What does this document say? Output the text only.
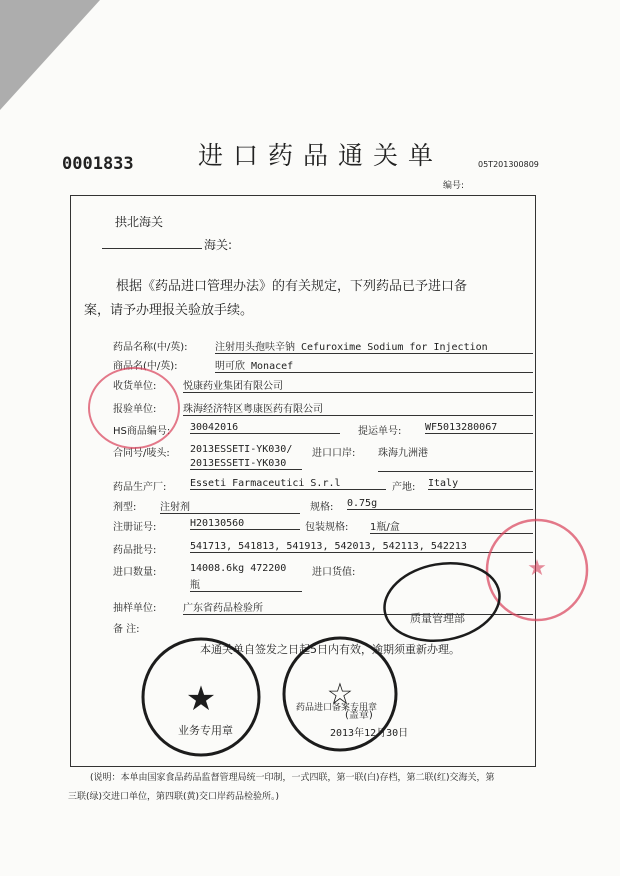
0001833	进口药品通关单	05T201300809
编号:
拱北海关
海关:
根据《药品进口管理办法》的有关规定，下列药品已予进口备
案，请予办理报关验放手续。
药品名称(中/英):	注射用头孢呋辛钠 Cefuroxime Sodium for Injection
商品名(中/英):	明可欣 Monacef
收货单位:	悦康药业集团有限公司
报验单位:	珠海经济特区粤康医药有限公司
HS商品编号: 30042016	提运单号: WF5013280067
合同号/唛头: 2013ESSETI-YK030/
2013ESSETI-YK030
进口口岸: 珠海九洲港
药品生产厂: Esseti Farmaceutici S.r.l	产地: Italy
剂型: 注射剂	规格: 0.75g
注册证号:	H20130560	包装规格: 1瓶/盒
药品批号:	541713, 541813, 541913, 542013, 542113, 542213
进口数量:	14008.6kg 472200
瓶
进口货值:
抽样单位:	广东省药品检验所
备 注:
本通关单自签发之日起5日内有效，逾期须重新办理。
(盖章)
2013年12月30日
(说明：本单由国家食品药品监督管理局统一印制，一式四联，第一联(白)存档，第二联(红)交海关，第
三联(绿)交进口单位，第四联(黄)交口岸药品检验所。)
★
质量管理部
★
业务专用章
☆
药品进口备案专用章
